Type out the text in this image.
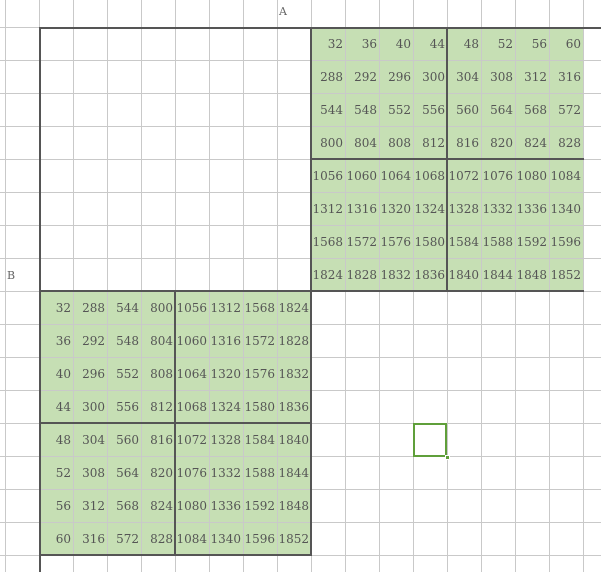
32	36	40	44	48	52	56	60
288 292 296 300 304 308 312 316
544 548 552 556 560 564 568 572
800 804 808 812 816 820 824 828
1056 1060 1064 1068 1072 1076 1080 1084
1312 1316 1320 1324 1328 1332 1336 1340
1568 1572 1576 1580 1584 1588 1592 1596
1824 1828 1832 1836 1840 1844 1848 1852
32 288 544 800 1056 1312 1568 1824
36 292 548 804 1060 1316 1572 1828
40 296 552 808 1064 1320 1576 1832
44 300 556 812 1068 1324 1580 1836
48 304 560 816 1072 1328 1584 1840
52 308 564 820 1076 1332 1588 1844
56 312 568 824 1080 1336 1592 1848
60 316 572 828 1084 1340 1596 1852
A
B
